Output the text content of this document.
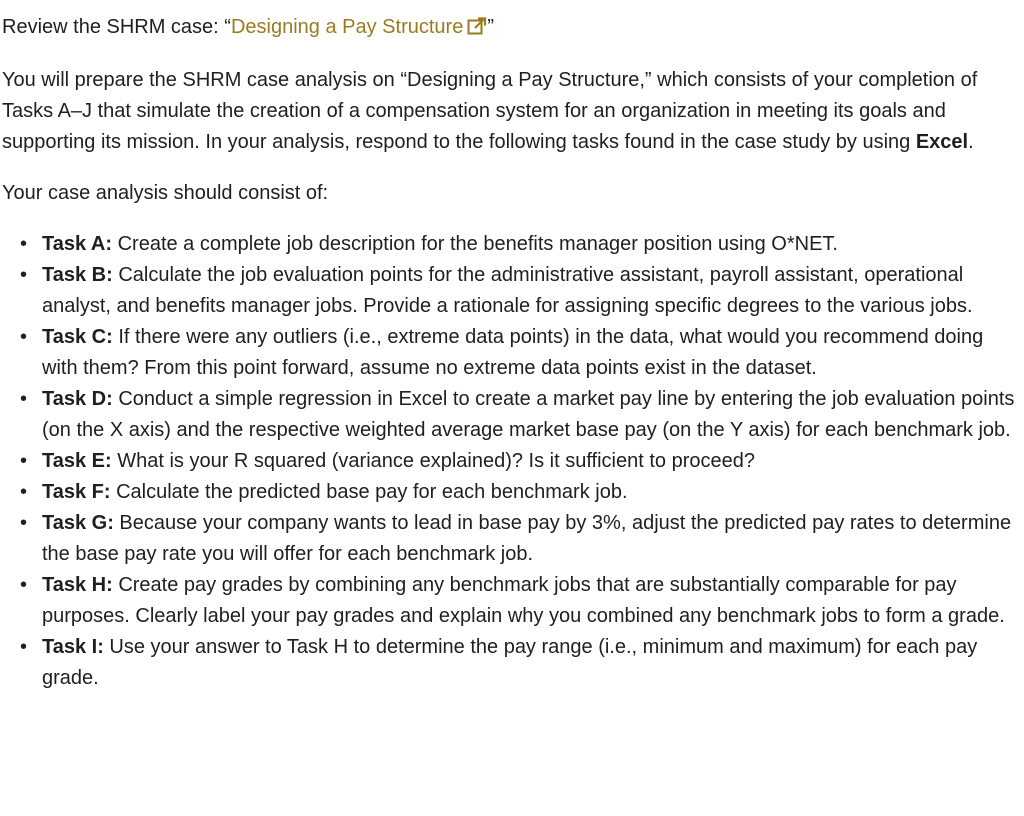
Review the SHRM case: “Designing a Pay Structure ”

You will prepare the SHRM case analysis on “Designing a Pay Structure,” which consists of your completion of Tasks A–J that simulate the creation of a compensation system for an organization in meeting its goals and supporting its mission. In your analysis, respond to the following tasks found in the case study by using Excel.

Your case analysis should consist of:

• Task A: Create a complete job description for the benefits manager position using O*NET.
• Task B: Calculate the job evaluation points for the administrative assistant, payroll assistant, operational analyst, and benefits manager jobs. Provide a rationale for assigning specific degrees to the various jobs.
• Task C: If there were any outliers (i.e., extreme data points) in the data, what would you recommend doing with them? From this point forward, assume no extreme data points exist in the dataset.
• Task D: Conduct a simple regression in Excel to create a market pay line by entering the job evaluation points (on the X axis) and the respective weighted average market base pay (on the Y axis) for each benchmark job.
• Task E: What is your R squared (variance explained)? Is it sufficient to proceed?
• Task F: Calculate the predicted base pay for each benchmark job.
• Task G: Because your company wants to lead in base pay by 3%, adjust the predicted pay rates to determine the base pay rate you will offer for each benchmark job.
• Task H: Create pay grades by combining any benchmark jobs that are substantially comparable for pay purposes. Clearly label your pay grades and explain why you combined any benchmark jobs to form a grade.
• Task I: Use your answer to Task H to determine the pay range (i.e., minimum and maximum) for each pay grade.
